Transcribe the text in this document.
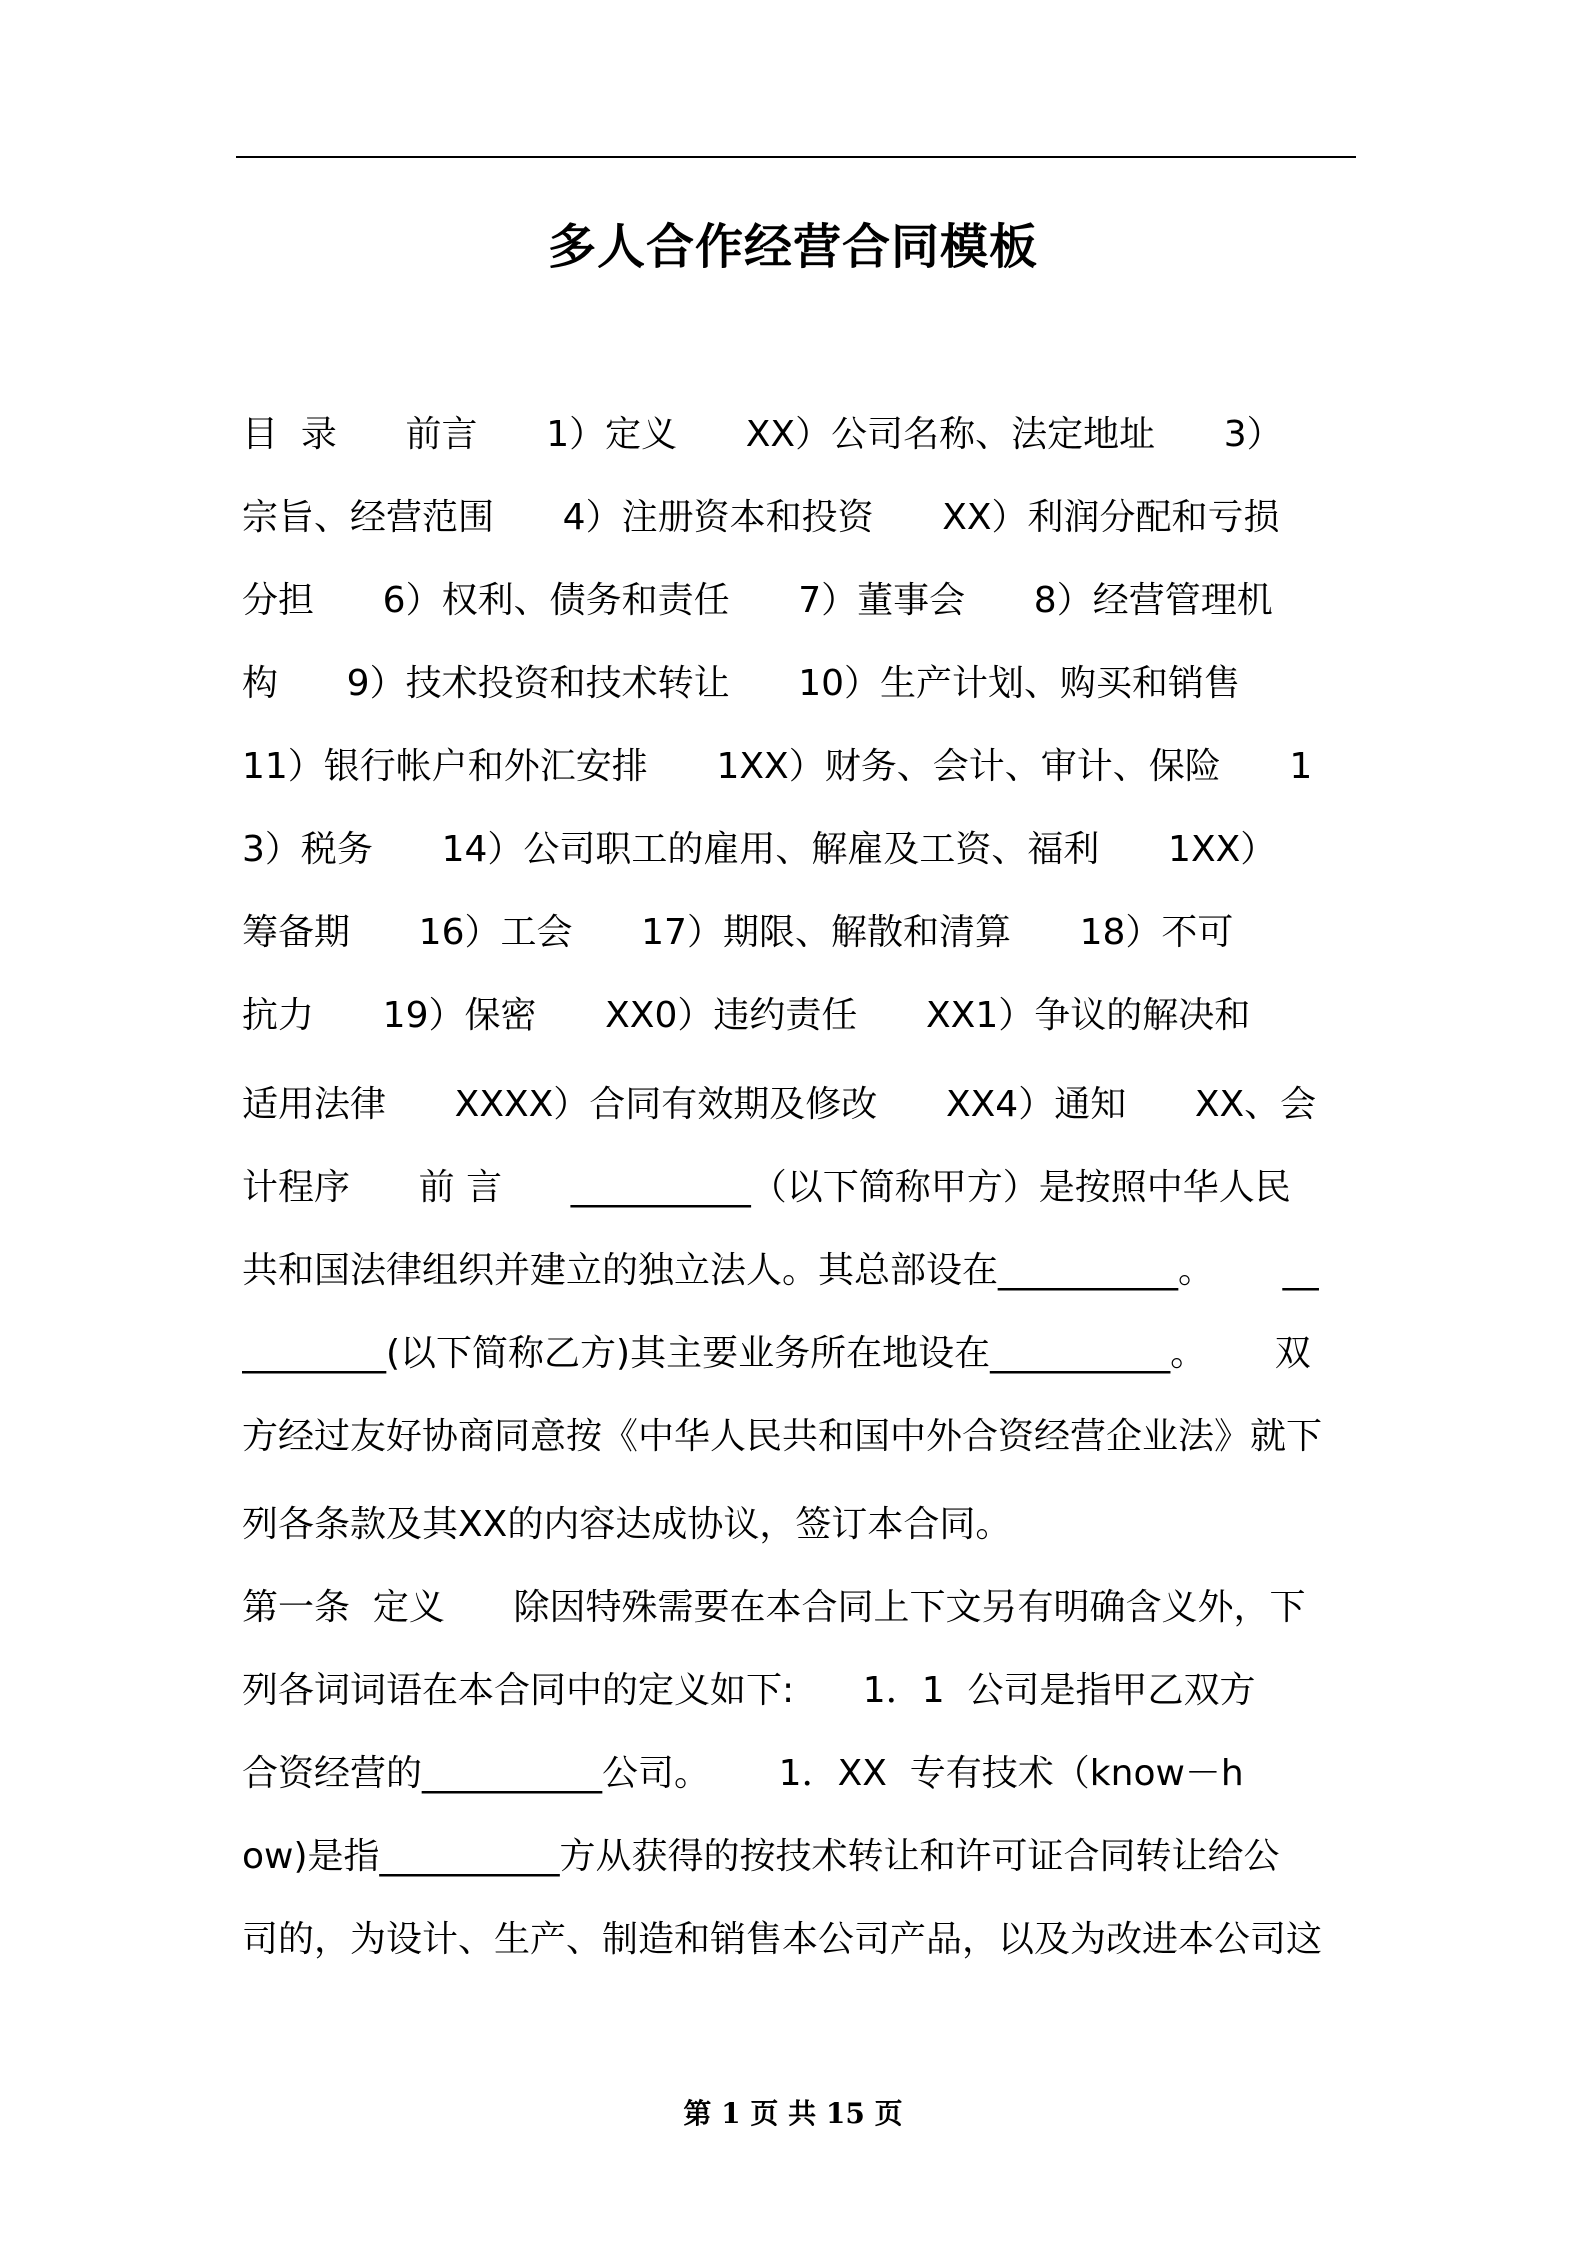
多人合作经营合同模板
目  录      前言      1）定义      XX）公司名称、法定地址      3）
宗旨、经营范围      4）注册资本和投资      XX）利润分配和亏损
分担      6）权利、债务和责任      7）董事会      8）经营管理机
构      9）技术投资和技术转让      10）生产计划、购买和销售
11）银行帐户和外汇安排      1XX）财务、会计、审计、保险      1
3）税务      14）公司职工的雇用、解雇及工资、福利      1XX）
筹备期      16）工会      17）期限、解散和清算      18）不可
抗力      19）保密      XX0）违约责任      XX1）争议的解决和
适用法律      XXXX）合同有效期及修改      XX4）通知      XX、会
计程序      前 言      __________（以下简称甲方）是按照中华人民
共和国法律组织并建立的独立法人。其总部设在__________。      __
________(以下简称乙方)其主要业务所在地设在__________。      双
方经过友好协商同意按《中华人民共和国中外合资经营企业法》就下
列各条款及其XX的内容达成协议，签订本合同。
第一条  定义      除因特殊需要在本合同上下文另有明确含义外，下
列各词词语在本合同中的定义如下:      1．1  公司是指甲乙双方
合资经营的__________公司。      1．XX  专有技术（know－h
ow)是指__________方从获得的按技术转让和许可证合同转让给公
司的，为设计、生产、制造和销售本公司产品，以及为改进本公司这
第 1 页 共 15 页
